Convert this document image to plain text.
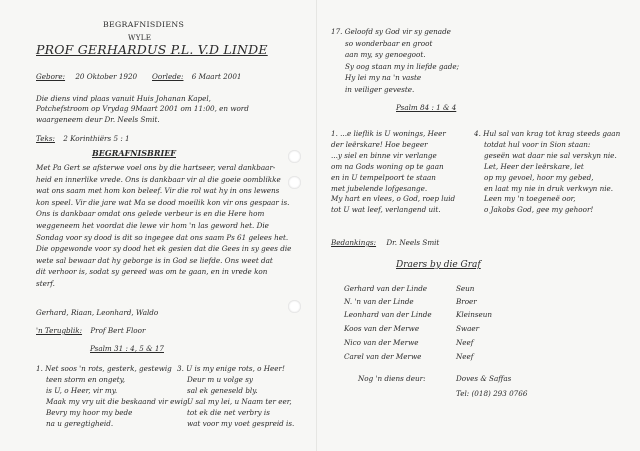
BEGRAFNISDIENS
WYLE
PROF GERHARDUS P.L. V.D LINDE
Gebore: 20 Oktober 1920 Oorlede: 6 Maart 2001
Die diens vind plaas vanuit Huis Johanan Kapel,
Potchefstroom op Vrydag 9Maart 2001 om 11:00, en word
waargeneem deur Dr. Neels Smit.
Teks: 2 Korinthiërs 5 : 1
BEGRAFNISBRIEF
Met Pa Gert se afsterwe voel ons by die hartseer, veral dankbaar-
heid en innerlike vrede. Ons is dankbaar vir al die goeie oomblikke
wat ons saam met hom kon beleef. Vir die rol wat hy in ons lewens
kon speel. Vir die jare wat Ma se dood moeilik kon vir ons gespaar is.
Ons is dankbaar omdat ons gelede verbeur is en die Here hom
weggeneem het voordat die lewe vir hom 'n las geword het. Die
Sondag voor sy dood is dit so ingegee dat ons saam Ps 61 gelees het.
Die opgewonde voor sy dood het ek gesien dat die Gees in sy gees die
wete sal bewaar dat hy geborge is in God se liefde. Ons weet dat
dit verhoor is, sodat sy gereed was om te gaan, en in vrede kon
sterf.
Gerhard, Riaan, Leonhard, Waldo
'n Terugblik: Prof Bert Floor
Psalm 31 : 4, 5 & 17
1. Net soos 'n rots, gesterk, gestewig
teen storm en ongety,
is U, o Heer, vir my.
Maak my vry uit die beskaand vir ewig
Bevry my hoor my bede
na u geregtigheid.
3. U is my enige rots, o Heer!
Deur m u volge sy
sal ek geneseld bly.
U sal my lei, u Naam ter eer,
tot ek die net verbry is
wat voor my voet gespreid is.
17. Geloofd sy God vir sy genade
so wonderbaar en groot
aan my, sy genoegoot.
Sy oog staan my in liefde gade;
Hy lei my na 'n vaste
in veiliger geveste.
Psalm 84 : 1 & 4
1. ...e lieflik is U wonings, Heer
der leërskare! Hoe begeer
...y siel en binne vir verlange
om na Gods woning op te gaan
en in U tempelpoort te staan
met jubelende lofgesange.
My hart en vlees, o God, roep luid
tot U wat leef, verlangend uit.
4. Hul sal van krag tot krag steeds gaan
totdat hul voor in Sion staan:
geseën wat daar nie sal verskyn nie.
Let, Heer der leërskare, let
op my gevoel, hoor my gebed,
en laat my nie in druk verkwyn nie.
Leen my 'n toegeneë oor,
o Jakobs God, gee my gehoor!
Bedankings: Dr. Neels Smit
Draers by die Graf
Gerhard van der Linde	Seun
N. 'n van der Linde	Broer
Leonhard van der Linde	Kleinseun
Koos van der Merwe	Swaer
Nico van der Merwe	Neef
Carel van der Merwe	Neef
Nog 'n diens deur:	Doves & Saffas
Tel: (018) 293 0766
